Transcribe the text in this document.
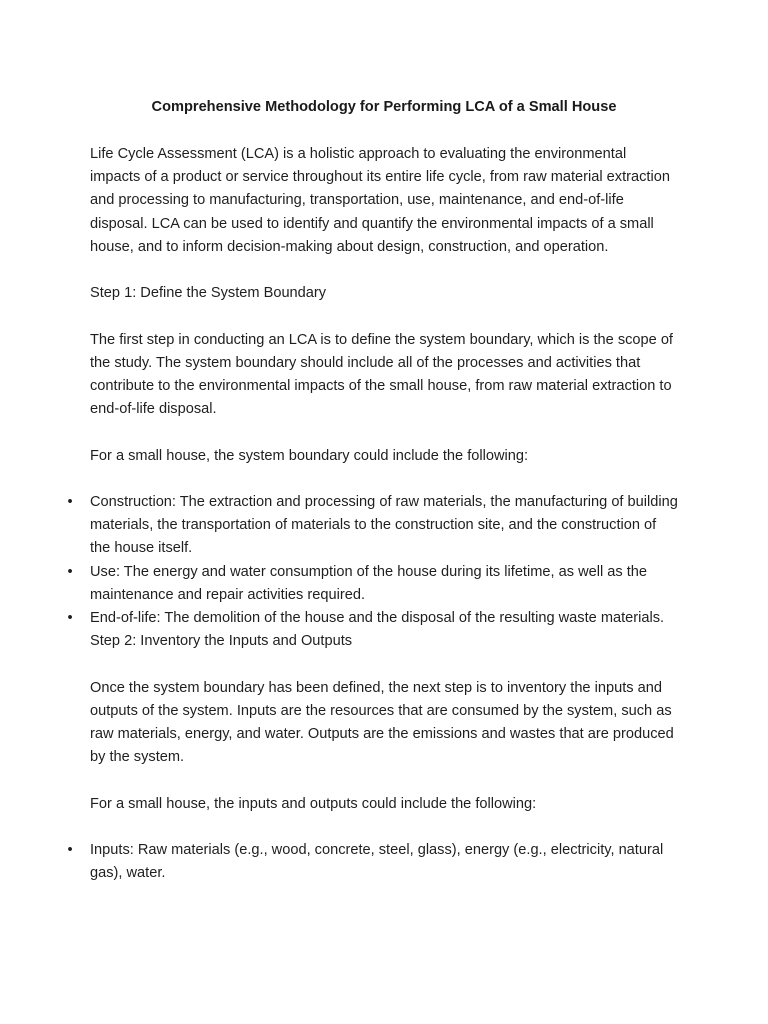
Comprehensive Methodology for Performing LCA of a Small House

Life Cycle Assessment (LCA) is a holistic approach to evaluating the environmental impacts of a product or service throughout its entire life cycle, from raw material extraction and processing to manufacturing, transportation, use, maintenance, and end-of-life disposal. LCA can be used to identify and quantify the environmental impacts of a small house, and to inform decision-making about design, construction, and operation.

Step 1: Define the System Boundary

The first step in conducting an LCA is to define the system boundary, which is the scope of the study. The system boundary should include all of the processes and activities that contribute to the environmental impacts of the small house, from raw material extraction to end-of-life disposal.

For a small house, the system boundary could include the following:

• Construction: The extraction and processing of raw materials, the manufacturing of building materials, the transportation of materials to the construction site, and the construction of the house itself.
• Use: The energy and water consumption of the house during its lifetime, as well as the maintenance and repair activities required.
• End-of-life: The demolition of the house and the disposal of the resulting waste materials.

Step 2: Inventory the Inputs and Outputs

Once the system boundary has been defined, the next step is to inventory the inputs and outputs of the system. Inputs are the resources that are consumed by the system, such as raw materials, energy, and water. Outputs are the emissions and wastes that are produced by the system.

For a small house, the inputs and outputs could include the following:

• Inputs: Raw materials (e.g., wood, concrete, steel, glass), energy (e.g., electricity, natural gas), water.
